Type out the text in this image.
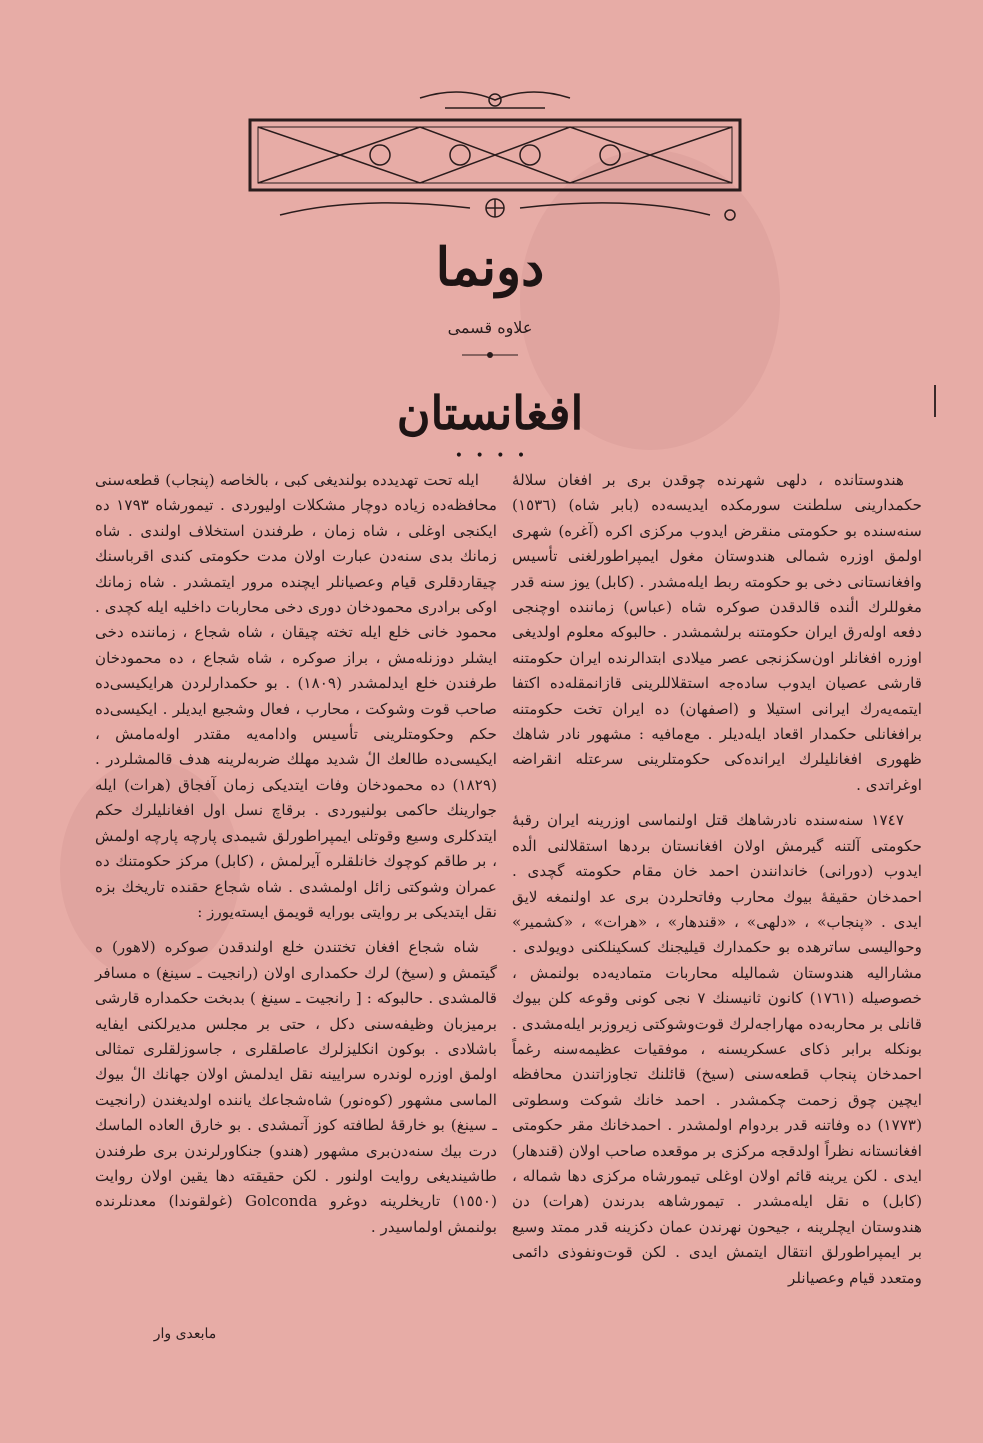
دونما
علاوه قسمی
افغانستان
• • • •

هندوستانده ، دلهی شهرنده چوقدن بری بر افغان سلالۀ حکمدارینی سلطنت سورمکده ایدیسه‌ده (بابر شاه) (١٥٣٦) سنه‌سنده بو حکومتی منقرض ایدوب مرکزی اکره (آغره) شهری اولمق اوزره شمالی هندوستان مغول ایمپراطورلغنی تأسیس وافغانستانی دخی بو حکومته ربط ایله‌مشدر . (کابل) یوز سنه قدر مغوللرك الٔنده قالدقدن صوکره شاه (عباس) زماننده اوچنجی دفعه اوله‌رق ایران حکومتنه برلشمشدر . حالبوکه معلوم اولدیغی اوزره افغانلر اون‌سکزنجی عصر میلادی ابتدالرنده ایران حکومتنه قارشی عصیان ایدوب ساده‌جه استقلاللرینی قازانمقله‌ده اکتفا ایتمه‌یه‌رك ایرانی استیلا و (اصفهان) ده ایران تخت حکومتنه برافغانلی حکمدار اقعاد ایله‌دیلر . مع‌مافیه : مشهور نادر شاهك ظهوری افغانلیلرك ایرانده‌کی حکومتلرینی سرعتله انقراضه اوغراتدی .

١٧٤٧ سنه‌سنده نادرشاهك قتل اولنماسی اوزرینه ایران رقبۀ حکومتی آلتنه گیرمش اولان افغانستان بردها استقلالنی الٔده ایدوب (دورانی) خاندانندن احمد خان مقام حکومته گچدی . احمدخان حقیقۀ بیوك محارب وفاتحلردن بری عد اولنمغه لایق ایدی . «پنجاب» ، «دلهی» ، «قندهار» ، «هرات» ، «کشمیر» وحوالیسی ساترهده بو حکمدارك قیلیجنك کسکینلکنی دویولدی . مشارالیه هندوستان شمالیله محاربات متمادیه‌ده بولنمش ، خصوصیله (١٧٦١) کانون ثانیسنك ٧ نجی کونی وقوعه کلن بیوك قانلی بر محاربه‌ده مهاراجه‌لرك قوت‌وشوکتی زیروزبر ایله‌مشدی . بونکله برابر ذکای عسکریسنه ، موفقیات عظیمه‌سنه رغماً احمدخان پنجاب قطعه‌سنی (سیخ) قائلنك تجاوزاتندن محافظه ایچین چوق زحمت چکمشدر . احمد خانك شوکت وسطوتی (١٧٧٣) ده وفاتنه قدر بردوام اولمشدر . احمدخانك مقر حکومتی افغانستانه نظراً اولدقجه مرکزی بر موقعده صاحب اولان (قندهار) ایدی . لکن یرینه قائم اولان اوغلی تیمورشاه مرکزی دها شماله ، (کابل) ه نقل ایله‌مشدر . تیمورشاهه بدرندن (هرات) دن هندوستان ایچلرینه ، جیحون نهرندن عمان دکزینه قدر ممتد وسیع بر ایمپراطورلق انتقال ایتمش ایدی . لکن قوت‌ونفوذی دائمی ومتعدد قیام وعصیانلر

ایله تحت تهدیدده بولندیغی کبی ، بالخاصه (پنجاب) قطعه‌سنی محافظه‌ده زیاده دوچار مشکلات اولیوردی . تیمورشاه ١٧٩٣ ده ایکنجی اوغلی ، شاه زمان ، طرفندن استخلاف اولندی . شاه زمانك بدی سنه‌دن عبارت اولان مدت حکومتی کندی اقرباسنك چیقاردقلری قیام وعصیانلر ایچنده مرور ایتمشدر . شاه زمانك اوکی برادری محمودخان دوری دخی محاربات داخلیه ایله کچدی . محمود خانی خلع ایله تخته چیقان ، شاه شجاع ، زماننده دخی ایشلر دوزنله‌مش ، براز صوکره ، شاه شجاع ، ده محمودخان طرفندن خلع ایدلمشدر (١٨٠٩) . بو حکمدارلردن هرایکیسی‌ده صاحب قوت وشوکت ، محارب ، فعال وشجیع ایدیلر . ایکیسی‌ده حکم وحکومتلرینی تأسیس وادامه‌یه مقتدر اوله‌مامش ، ایکیسی‌ده طالعك الٔ شدید مهلك ضربه‌لرینه هدف قالمشلردر . (١٨٢٩) ده محمودخان وفات ایتدیکی زمان آفجاق (هرات) ایله جوارینك حاکمی بولنیوردی . برقاچ نسل اول افغانلیلرك حکم ایتدکلری وسیع وقوتلی ایمپراطورلق شیمدی پارچه پارچه اولمش ، بر طاقم کوچوك خانلقلره آیرلمش ، (کابل) مرکز حکومتنك ده عمران وشوکتی زائل اولمشدی . شاه شجاع حقنده تاریخك بزه نقل ایتدیکی بر روایتی بورایه قویمق ایسته‌یورز :

شاه شجاع افغان تختندن خلع اولندقدن صوکره (لاهور) ه گیتمش و (سیخ) لرك حکمداری اولان (رانجیت ـ سینغ) ه مسافر قالمشدی . حالبوکه : [ رانجیت ـ سینغ ) بدبخت حکمداره قارشی برمیزبان وظیفه‌سنی دکل ، حتی بر مجلس مدیرلکنی ایفایه باشلادی . بوکون انکلیزلرك عاصلقلری ، جاسوزلقلری تمثالی اولمق اوزره لوندره سرایینه نقل ایدلمش اولان جهانك الٔ بیوك الماسی مشهور (کوه‌نور) شاه‌شجاعك یاننده اولدیغندن (رانجیت ـ سینغ) بو خارقۀ لطافته کوز آتمشدی . بو خارق العاده الماسك درت بیك سنه‌دن‌بری مشهور (هندو) جنکاورلرندن بری طرفندن طاشیندیغی روایت اولنور . لکن حقیقته دها یقین اولان روایت (١٥٥٠) تاریخلرینه دوغرو Golconda (غولقوندا) معدنلرنده بولنمش اولماسیدر .

مابعدی وار
